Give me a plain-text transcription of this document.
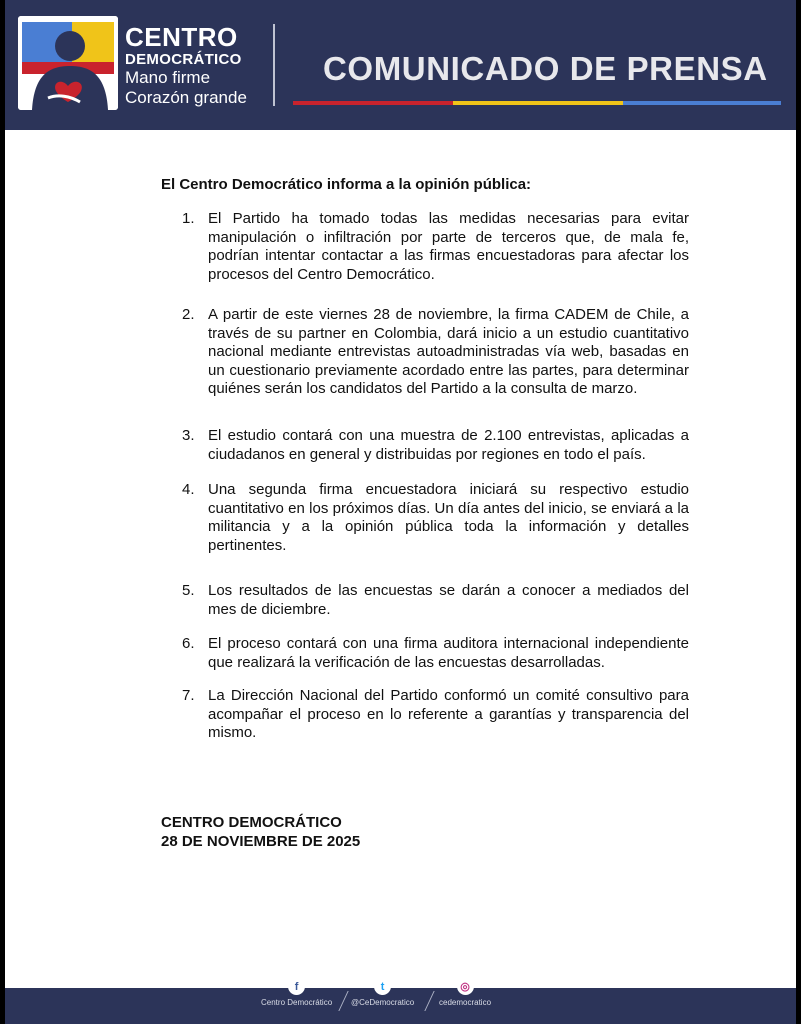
CENTRO
DEMOCRÁTICO
Mano firme
Corazón grande
COMUNICADO DE PRENSA
El Centro Democrático informa a la opinión pública:
1. El Partido ha tomado todas las medidas necesarias para evitar manipulación o infiltración por parte de terceros que, de mala fe, podrían intentar contactar a las firmas encuestadoras para afectar los procesos del Centro Democrático.
2. A partir de este viernes 28 de noviembre, la firma CADEM de Chile, a través de su partner en Colombia, dará inicio a un estudio cuantitativo nacional mediante entrevistas autoadministradas vía web, basadas en un cuestionario previamente acordado entre las partes, para determinar quiénes serán los candidatos del Partido a la consulta de marzo.
3. El estudio contará con una muestra de 2.100 entrevistas, aplicadas a ciudadanos en general y distribuidas por regiones en todo el país.
4. Una segunda firma encuestadora iniciará su respectivo estudio cuantitativo en los próximos días. Un día antes del inicio, se enviará a la militancia y a la opinión pública toda la información y detalles pertinentes.
5. Los resultados de las encuestas se darán a conocer a mediados del mes de diciembre.
6. El proceso contará con una firma auditora internacional independiente que realizará la verificación de las encuestas desarrolladas.
7. La Dirección Nacional del Partido conformó un comité consultivo para acompañar el proceso en lo referente a garantías y transparencia del mismo.
CENTRO DEMOCRÁTICO
28 DE NOVIEMBRE DE 2025
f
Centro Democrático
t
@CeDemocratico
◎
cedemocratico
